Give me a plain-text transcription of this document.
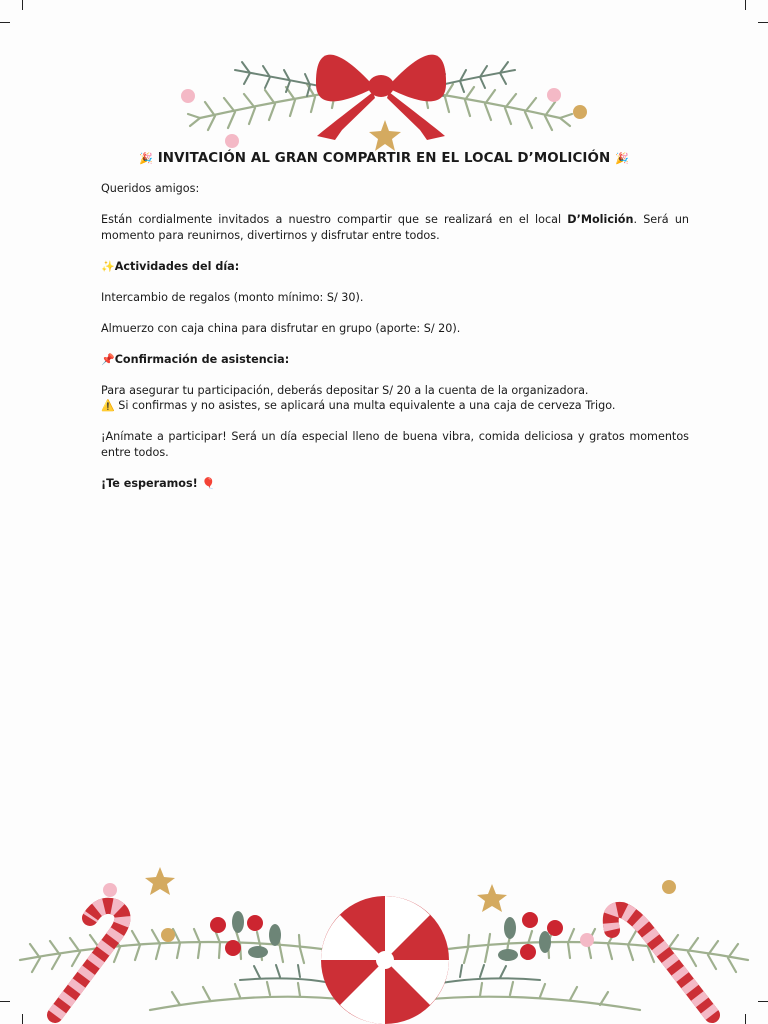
🎉 INVITACIÓN AL GRAN COMPARTIR EN EL LOCAL D’MOLICIÓN 🎉

Queridos amigos:

Están cordialmente invitados a nuestro compartir que se realizará en el local D’Molición. Será un momento para reunirnos, divertirnos y disfrutar entre todos.

✨Actividades del día:

Intercambio de regalos (monto mínimo: S/ 30).

Almuerzo con caja china para disfrutar en grupo (aporte: S/ 20).

📌Confirmación de asistencia:

Para asegurar tu participación, deberás depositar S/ 20 a la cuenta de la organizadora.
⚠️ Si confirmas y no asistes, se aplicará una multa equivalente a una caja de cerveza Trigo.

¡Anímate a participar! Será un día especial lleno de buena vibra, comida deliciosa y gratos momentos entre todos.

¡Te esperamos! 🎈
